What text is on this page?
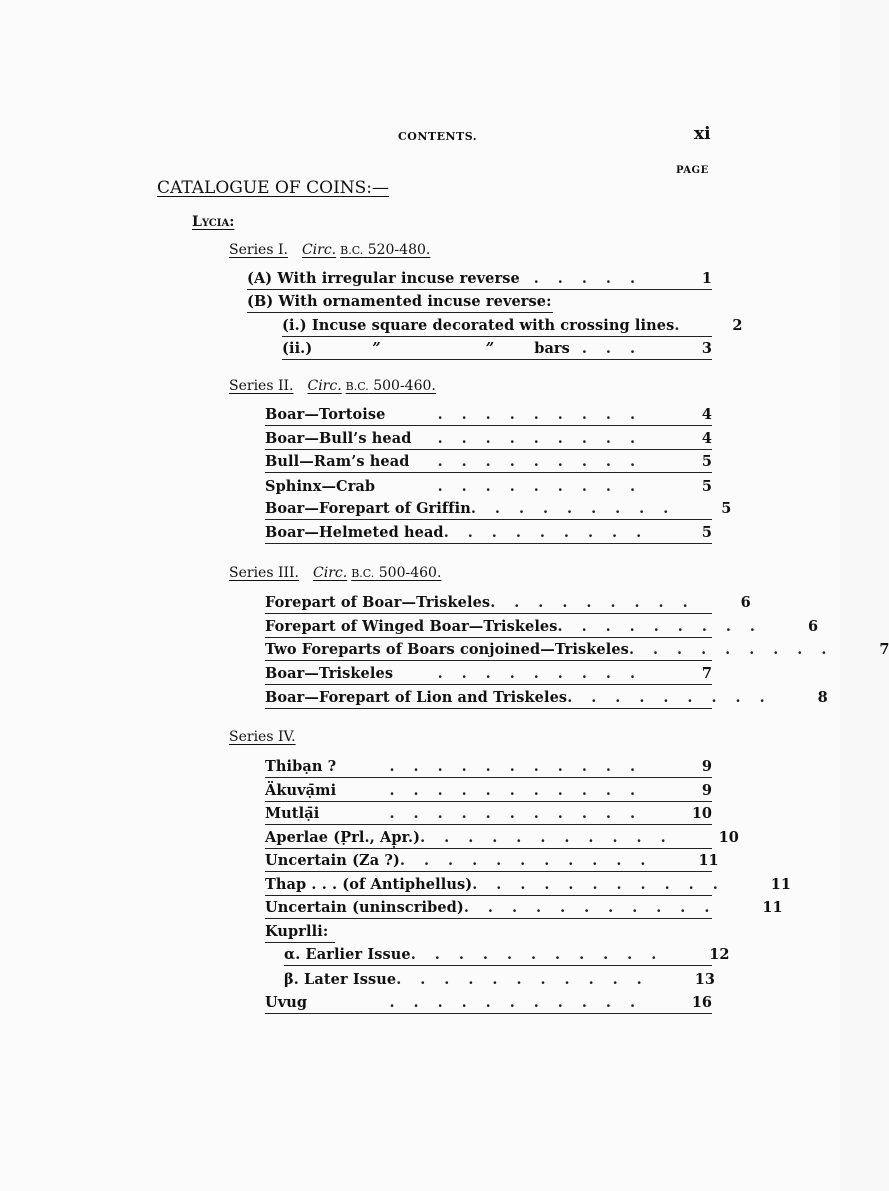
CONTENTS.	xi
PAGE
CATALOGUE OF COINS:—
Lycia:
Series I. Circ. B.C. 520-480.
(A) With irregular incuse reverse .....	1
(B) With ornamented incuse reverse:
(i.) Incuse square decorated with crossing lines .	2
(ii.)	”	”	bars ...	3
Series II. Circ. B.C. 500-460.
Boar—Tortoise	.........	4
Boar—Bull’s head	.........	4
Bull—Ram’s head	.........	5
Sphinx—Crab	.........	5
Boar—Forepart of Griffin .........	5
Boar—Helmeted head .........	5
Series III. Circ. B.C. 500-460.
Forepart of Boar—Triskeles .........	6
Forepart of Winged Boar—Triskeles .........	6
Two Foreparts of Boars conjoined—Triskeles .........	7
Boar—Triskeles	.........	7
Boar—Forepart of Lion and Triskeles .........	8
Series IV.
Thibạn ?	...........	9
Äkuvạ̄mi	...........	9
Mutlạ̄i	...........	10
Aperlae (P̣rl., Ap̣r.) ...........	10
Uncertain (Za ?) ...........	11
Thap . . . (of Antiphellus) ...........	11
Uncertain (uninscribed) ...........	11
Kuprlli:
α. Earlier Issue ...........	12
β. Later Issue ...........	13
Uvug	...........	16
